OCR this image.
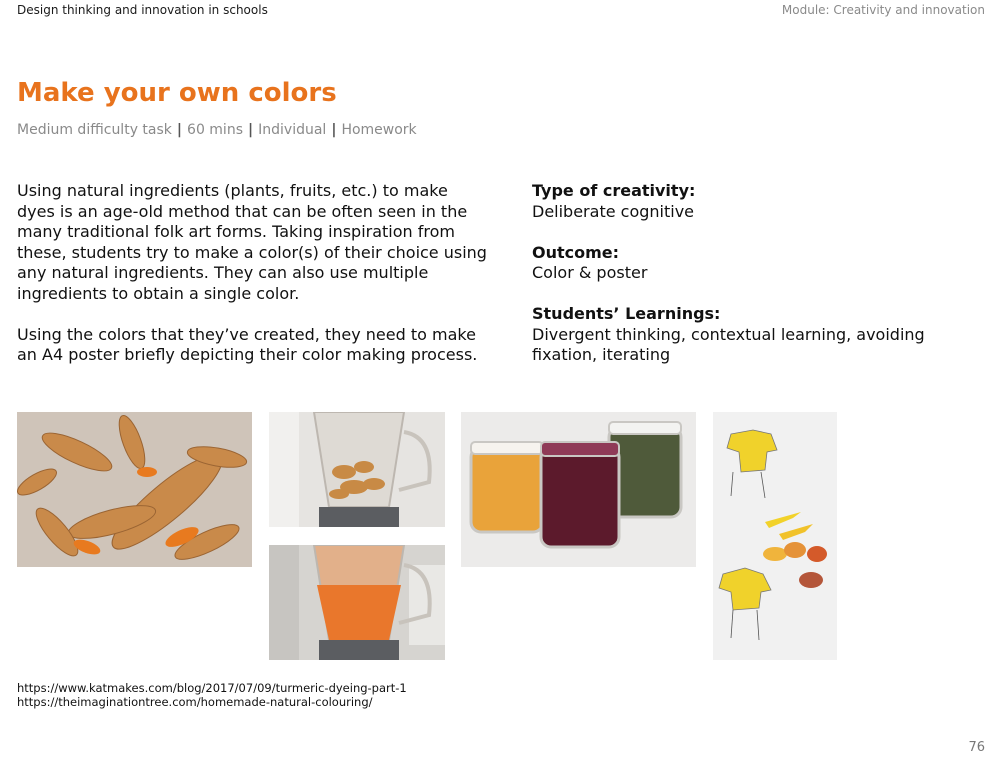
Design thinking and innovation in schools	Module: Creativity and innovation
Make your own colors
Medium difficulty task | 60 mins | Individual | Homework

Using natural ingredients (plants, fruits, etc.) to make dyes is an age-old method that can be often seen in the many traditional folk art forms. Taking inspiration from these, students try to make a color(s) of their choice using any natural ingredients. They can also use multiple ingredients to obtain a single color.

Using the colors that they’ve created, they need to make an A4 poster briefly depicting their color making process.

Type of creativity:
Deliberate cognitive
Outcome:
Color & poster
Students’ Learnings:
Divergent thinking, contextual learning, avoiding fixation, iterating
https://www.katmakes.com/blog/2017/07/09/turmeric-dyeing-part-1
https://theimaginationtree.com/homemade-natural-colouring/
76
